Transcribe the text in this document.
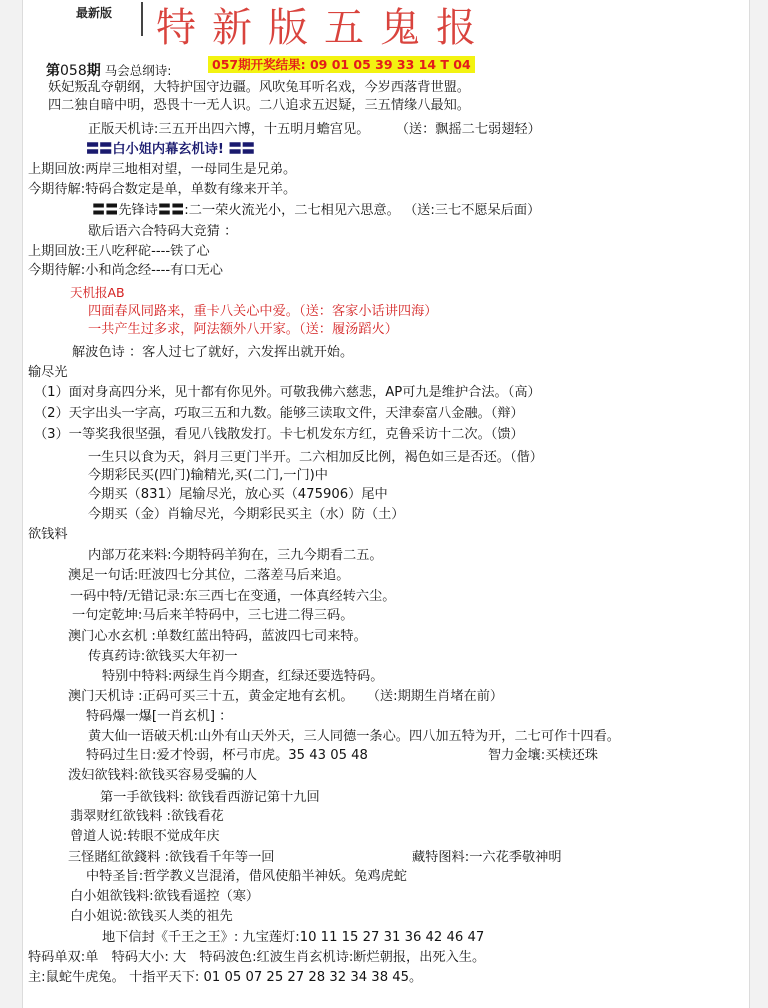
最新版 特新版五鬼报
第058期 马会总纲诗:	057期开奖结果: 09 01 05 39 33 14 T 04
妖妃叛乱夺朝纲，大特护国守边疆。风吹兔耳听名戏，今岁西落背世盟。
四二独自暗中明，恐畏十一无人识。二八追求五迟疑，三五情缘八最知。
正版天机诗:三五开出四六博，十五明月蟾宫见。　　　（送：飘摇二七弱翅轻）
〓〓白小姐内幕玄机诗! 〓〓
上期回放:两岸三地相对望，一母同生是兄弟。
今期待解:特码合数定是单，单数有缘来开羊。
〓〓先锋诗〓〓:二一荣火流光小，二七相见六思意。 （送:三七不愿呆后面）
歇后语六合特码大竞猜 ：
上期回放:王八吃秤砣----铁了心
今期待解:小和尚念经----有口无心
天机报AB
四面春风同路来，重卡八关心中爱。（送：客家小话讲四海）
一共产生过多求，阿法额外八开家。（送：履汤蹈火）
解波色诗 ：客人过七了就好，六发挥出就开始。
输尽光
（1）面对身高四分米，见十都有你见外。可敬我佛六慈悲，AP可九是维护合法。（高）
（2）天字出头一字高，巧取三五和九数。能够三读取文件，天津泰富八金融。（辩）
（3）一等奖我很坚强，看见八钱散发打。卡七机发东方红，克鲁采访十二次。（馈）
一生只以食为天，斜月三更门半开。二六相加反比例，褐色如三是否还。（偕）
今期彩民买(四门)输精光,买(二门,一门)中
今期买（831）尾输尽光，放心买（475906）尾中
今期买（金）肖输尽光，今期彩民买主（水）防（土）
欲钱料
内部万花来料:今期特码羊狗在，三九今期看二五。
澳足一句话:旺波四七分其位，二落差马后来追。
一码中特/无错记录:东三西七在变通，一体真经转六尘。
一句定乾坤:马后来羊特码中，三七进二得三码。
澳门心水玄机 :单数红蓝出特码，蓝波四七司来特。
传真药诗:欲钱买大年初一
特别中特料:两绿生肖今期查，红绿还要选特码。
澳门天机诗 :正码可买三十五，黄金定地有玄机。　　（送:期期生肖堵在前）
特码爆一爆[一肖玄机] ：
黄大仙一语破天机:山外有山天外天，三人同德一条心。四八加五特为开，二七可作十四看。
特码过生日:爱才怜弱，杯弓市虎。35 43 05 48	智力金壤:买椟还珠
泼妇欲钱料:欲钱买容易受骗的人
第一手欲钱料: 欲钱看西游记第十九回
翡翠财红欲钱料 :欲钱看花
曾道人说:转眼不觉成年庆
三怪賭紅欲錢料 :欲钱看千年等一回	藏特图料:一六花季敬神明
中特圣旨:哲学教义岂混淆，借风使船半神妖。兔鸡虎蛇
白小姐欲钱料:欲钱看遥控（寒）
白小姐说:欲钱买人类的祖先
地下信封《千王之王》: 九宝莲灯:10 11 15 27 31 36 42 46 47
特码单双:单　特码大小: 大　特码波色:红波生肖玄机诗:断烂朝报，出死入生。
主:鼠蛇牛虎兔。 十指平天下: 01 05 07 25 27 28 32 34 38 45。
